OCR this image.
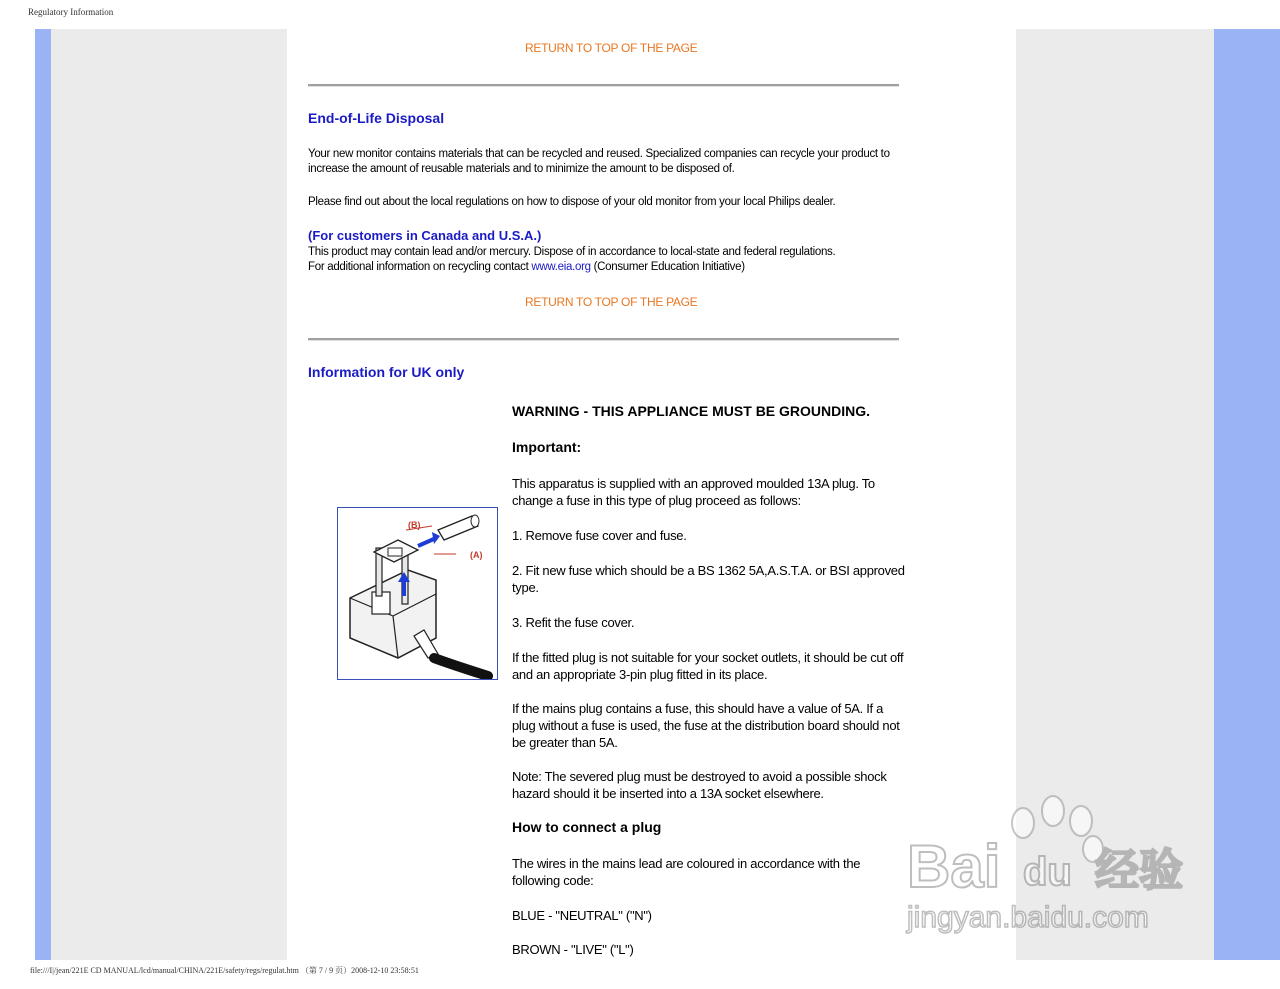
Regulatory Information
RETURN TO TOP OF THE PAGE
End-of-Life Disposal
Your new monitor contains materials that can be recycled and reused. Specialized companies can recycle your product to
increase the amount of reusable materials and to minimize the amount to be disposed of.
Please find out about the local regulations on how to dispose of your old monitor from your local Philips dealer.
(For customers in Canada and U.S.A.)
This product may contain lead and/or mercury. Dispose of in accordance to local-state and federal regulations.
For additional information on recycling contact www.eia.org (Consumer Education Initiative)
RETURN TO TOP OF THE PAGE
Information for UK only
WARNING - THIS APPLIANCE MUST BE GROUNDING.
Important:
This apparatus is supplied with an approved moulded 13A plug. To
change a fuse in this type of plug proceed as follows:
1. Remove fuse cover and fuse.
2. Fit new fuse which should be a BS 1362 5A,A.S.T.A. or BSI approved
type.
3. Refit the fuse cover.
If the fitted plug is not suitable for your socket outlets, it should be cut off
and an appropriate 3-pin plug fitted in its place.
If the mains plug contains a fuse, this should have a value of 5A. If a
plug without a fuse is used, the fuse at the distribution board should not
be greater than 5A.
Note: The severed plug must be destroyed to avoid a possible shock
hazard should it be inserted into a 13A socket elsewhere.
How to connect a plug
The wires in the mains lead are coloured in accordance with the
following code:
BLUE - "NEUTRAL" ("N")
BROWN - "LIVE" ("L")
(B)
(A)
Bai du 经验
jingyan.baidu.com
file:///I|/jean/221E CD MANUAL/lcd/manual/CHINA/221E/safety/regs/regulat.htm （第 7 / 9 页）2008-12-10 23:58:51
